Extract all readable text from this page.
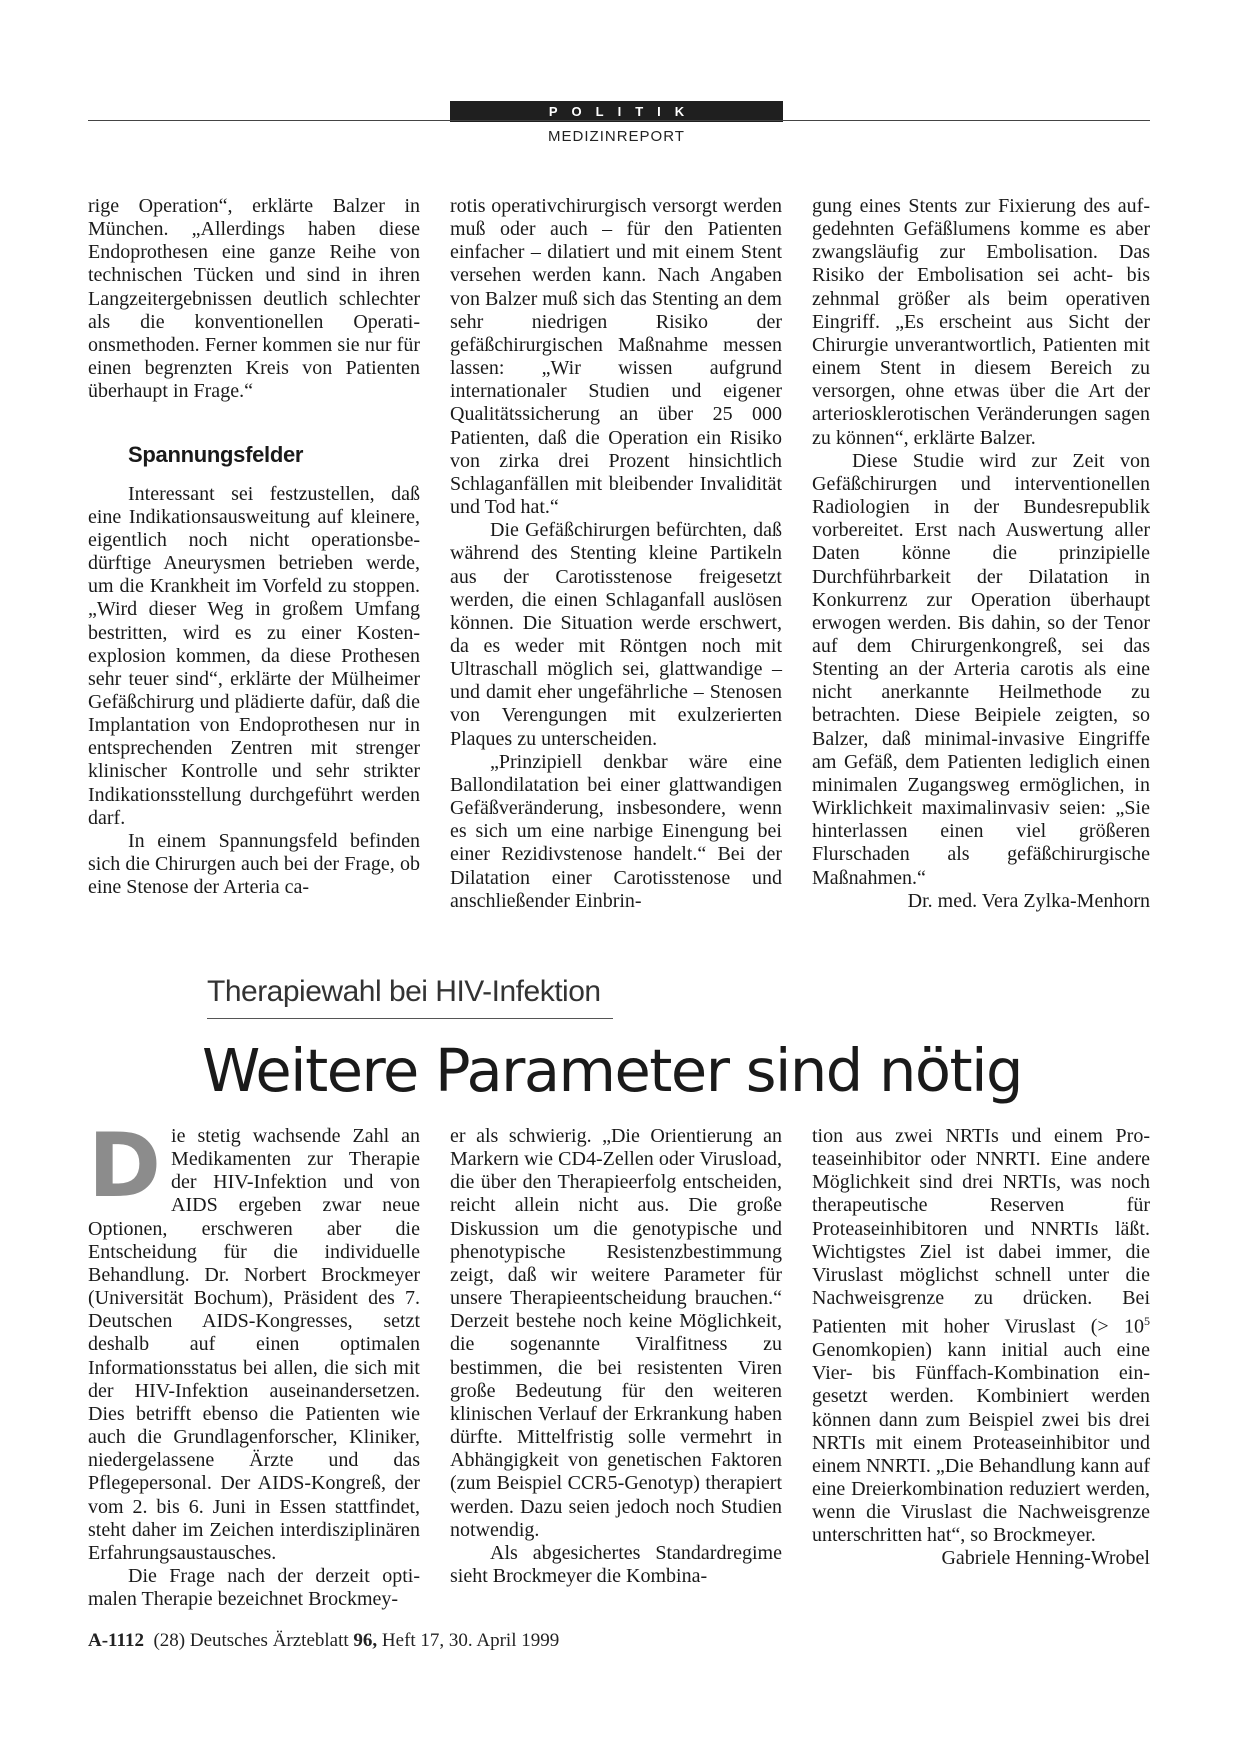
POLITIK
MEDIZINREPORT

rige Operation“, erklärte Balzer in München. „Allerdings haben diese Endoprothesen eine ganze Reihe von technischen Tücken und sind in ihren Langzeitergebnissen deutlich schlechter als die konventionellen Operationsmethoden. Ferner kommen sie nur für einen begrenzten Kreis von Patienten überhaupt in Frage.“

Spannungsfelder

Interessant sei festzustellen, daß eine Indikationsausweitung auf kleinere, eigentlich noch nicht operationsbedürftige Aneurysmen betrieben werde, um die Krankheit im Vorfeld zu stoppen. „Wird dieser Weg in großem Umfang bestritten, wird es zu einer Kostenexplosion kommen, da diese Prothesen sehr teuer sind“, erklärte der Mülheimer Gefäßchirurg und plädierte dafür, daß die Implantation von Endoprothesen nur in entsprechenden Zentren mit strenger klinischer Kontrolle und sehr strikter Indikationsstellung durchgeführt werden darf.

In einem Spannungsfeld befinden sich die Chirurgen auch bei der Frage, ob eine Stenose der Arteria ca-

rotis operativchirurgisch versorgt werden muß oder auch – für den Patienten einfacher – dilatiert und mit einem Stent versehen werden kann. Nach Angaben von Balzer muß sich das Stenting an dem sehr niedrigen Risiko der gefäßchirurgischen Maßnahme messen lassen: „Wir wissen aufgrund internationaler Studien und eigener Qualitätssicherung an über 25 000 Patienten, daß die Operation ein Risiko von zirka drei Prozent hinsichtlich Schlaganfällen mit bleibender Invalidität und Tod hat.“

Die Gefäßchirurgen befürchten, daß während des Stenting kleine Partikeln aus der Carotisstenose freigesetzt werden, die einen Schlaganfall auslösen können. Die Situation werde erschwert, da es weder mit Röntgen noch mit Ultraschall möglich sei, glattwandige – und damit eher ungefährliche – Stenosen von Verengungen mit exulzerierten Plaques zu unterscheiden.

„Prinzipiell denkbar wäre eine Ballondilatation bei einer glattwandigen Gefäßveränderung, insbesondere, wenn es sich um eine narbige Einengung bei einer Rezidivstenose handelt.“ Bei der Dilatation einer Carotisstenose und anschließender Einbrin-

gung eines Stents zur Fixierung des aufgedehnten Gefäßlumens komme es aber zwangsläufig zur Embolisation. Das Risiko der Embolisation sei acht- bis zehnmal größer als beim operativen Eingriff. „Es erscheint aus Sicht der Chirurgie unverantwortlich, Patienten mit einem Stent in diesem Bereich zu versorgen, ohne etwas über die Art der arteriosklerotischen Veränderungen sagen zu können“, erklärte Balzer.

Diese Studie wird zur Zeit von Gefäßchirurgen und interventionellen Radiologien in der Bundesrepublik vorbereitet. Erst nach Auswertung aller Daten könne die prinzipielle Durchführbarkeit der Dilatation in Konkurrenz zur Operation überhaupt erwogen werden. Bis dahin, so der Tenor auf dem Chirurgenkongreß, sei das Stenting an der Arteria carotis als eine nicht anerkannte Heilmethode zu betrachten. Diese Beipiele zeigten, so Balzer, daß minimal-invasive Eingriffe am Gefäß, dem Patienten lediglich einen minimalen Zugangsweg ermöglichen, in Wirklichkeit maximalinvasiv seien: „Sie hinterlassen einen viel größeren Flurschaden als gefäßchirurgische Maßnahmen.“

Dr. med. Vera Zylka-Menhorn

Therapiewahl bei HIV-Infektion
Weitere Parameter sind nötig

Die stetig wachsende Zahl an Medikamenten zur Therapie der HIV-Infektion und von AIDS ergeben zwar neue Optionen, erschweren aber die Entscheidung für die individuelle Behandlung. Dr. Norbert Brockmeyer (Universität Bochum), Präsident des 7. Deutschen AIDS-Kongresses, setzt deshalb auf einen optimalen Informationsstatus bei allen, die sich mit der HIV-Infektion auseinandersetzen. Dies betrifft ebenso die Patienten wie auch die Grundlagenforscher, Kliniker, niedergelassene Ärzte und das Pflegepersonal. Der AIDS-Kongreß, der vom 2. bis 6. Juni in Essen stattfindet, steht daher im Zeichen interdisziplinären Erfahrungsaustausches.

Die Frage nach der derzeit optimalen Therapie bezeichnet Brockmey-

er als schwierig. „Die Orientierung an Markern wie CD4-Zellen oder Virusload, die über den Therapieerfolg entscheiden, reicht allein nicht aus. Die große Diskussion um die genotypische und phenotypische Resistenzbestimmung zeigt, daß wir weitere Parameter für unsere Therapieentscheidung brauchen.“ Derzeit bestehe noch keine Möglichkeit, die sogenannte Viralfitness zu bestimmen, die bei resistenten Viren große Bedeutung für den weiteren klinischen Verlauf der Erkrankung haben dürfte. Mittelfristig solle vermehrt in Abhängigkeit von genetischen Faktoren (zum Beispiel CCR5-Genotyp) therapiert werden. Dazu seien jedoch noch Studien notwendig.

Als abgesichertes Standardregime sieht Brockmeyer die Kombina-

tion aus zwei NRTIs und einem Proteaseinhibitor oder NNRTI. Eine andere Möglichkeit sind drei NRTIs, was noch therapeutische Reserven für Proteaseinhibitoren und NNRTIs läßt. Wichtigstes Ziel ist dabei immer, die Viruslast möglichst schnell unter die Nachweisgrenze zu drücken. Bei Patienten mit hoher Viruslast (> $10^5$ Genomkopien) kann initial auch eine Vier- bis Fünffach-Kombination eingesetzt werden. Kombiniert werden können dann zum Beispiel zwei bis drei NRTIs mit einem Proteaseinhibitor und einem NNRTI. „Die Behandlung kann auf eine Dreierkombination reduziert werden, wenn die Viruslast die Nachweisgrenze unterschritten hat“, so Brockmeyer.

Gabriele Henning-Wrobel

A-1112 (28) Deutsches Ärzteblatt 96, Heft 17, 30. April 1999
